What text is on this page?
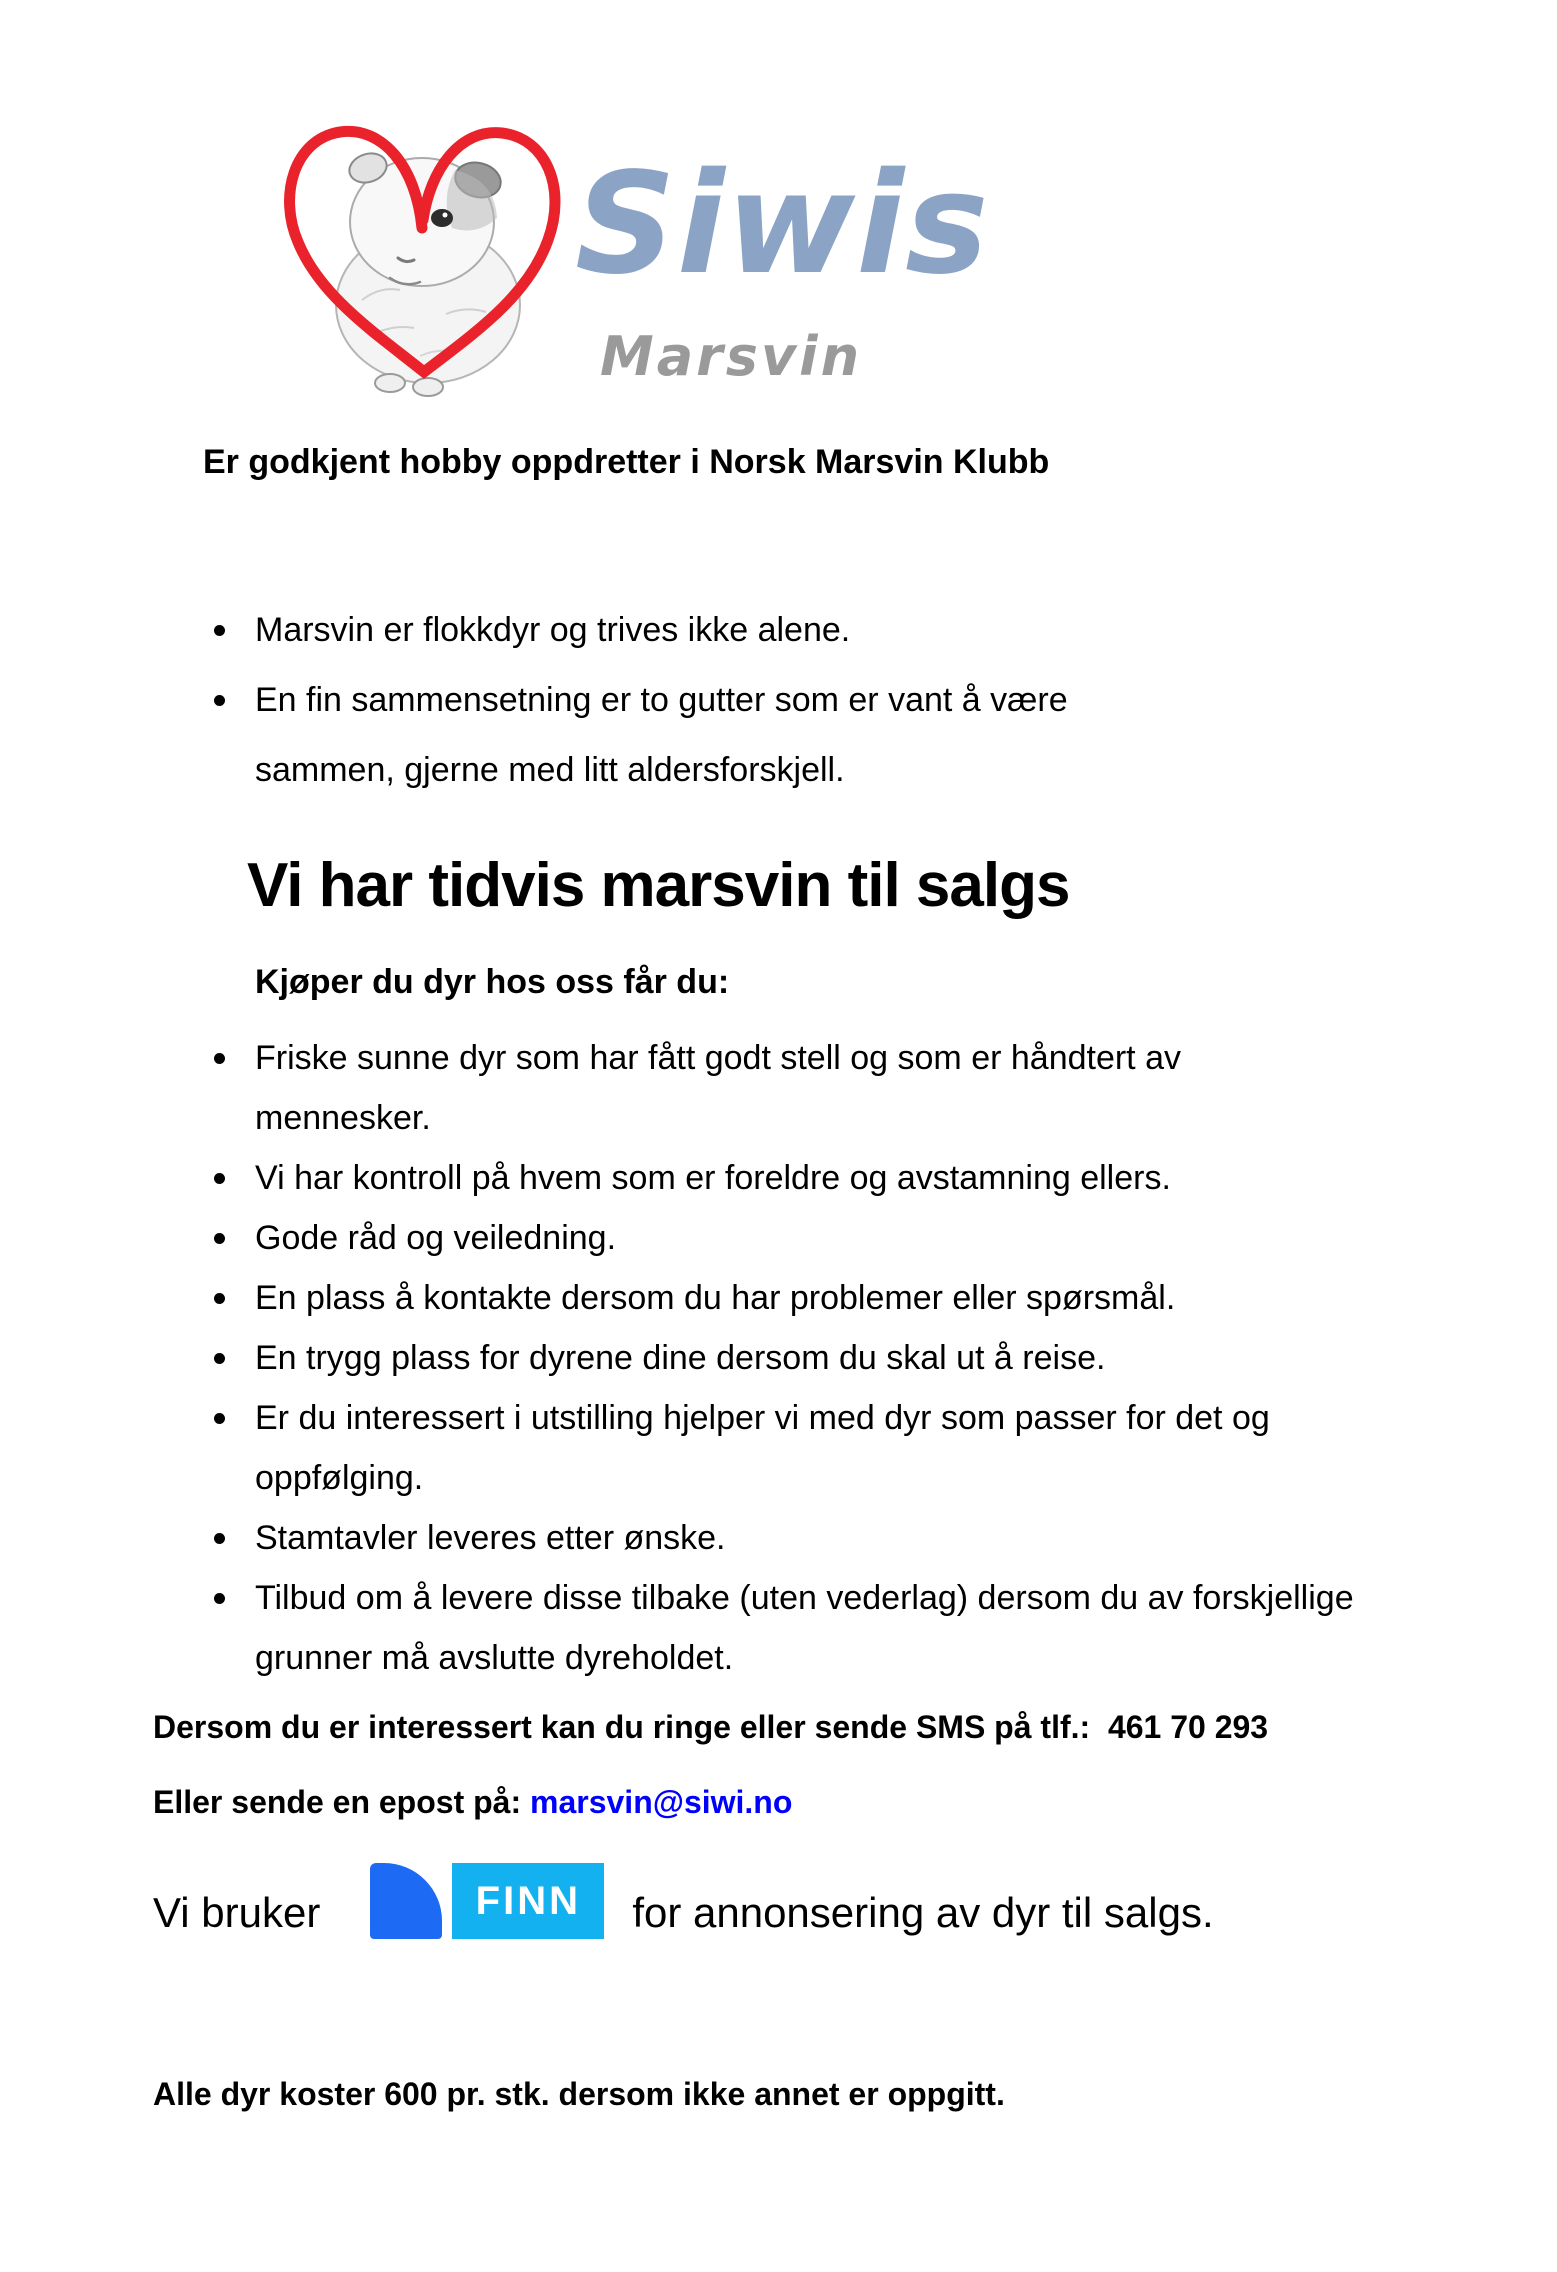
Siwis
Marsvin
Er godkjent hobby oppdretter i Norsk Marsvin Klubb
Marsvin er flokkdyr og trives ikke alene.
En fin sammensetning er to gutter som er vant å være sammen, gjerne med litt aldersforskjell.
Vi har tidvis marsvin til salgs
Kjøper du dyr hos oss får du:
Friske sunne dyr som har fått godt stell og som er håndtert av mennesker.
Vi har kontroll på hvem som er foreldre og avstamning ellers.
Gode råd og veiledning.
En plass å kontakte dersom du har problemer eller spørsmål.
En trygg plass for dyrene dine dersom du skal ut å reise.
Er du interessert i utstilling hjelper vi med dyr som passer for det og oppfølging.
Stamtavler leveres etter ønske.
Tilbud om å levere disse tilbake (uten vederlag) dersom du av forskjellige grunner må avslutte dyreholdet.
Dersom du er interessert kan du ringe eller sende SMS på tlf.:  461 70 293
Eller sende en epost på: marsvin@siwi.no
Vi bruker	FINN for annonsering av dyr til salgs.
Alle dyr koster 600 pr. stk. dersom ikke annet er oppgitt.
